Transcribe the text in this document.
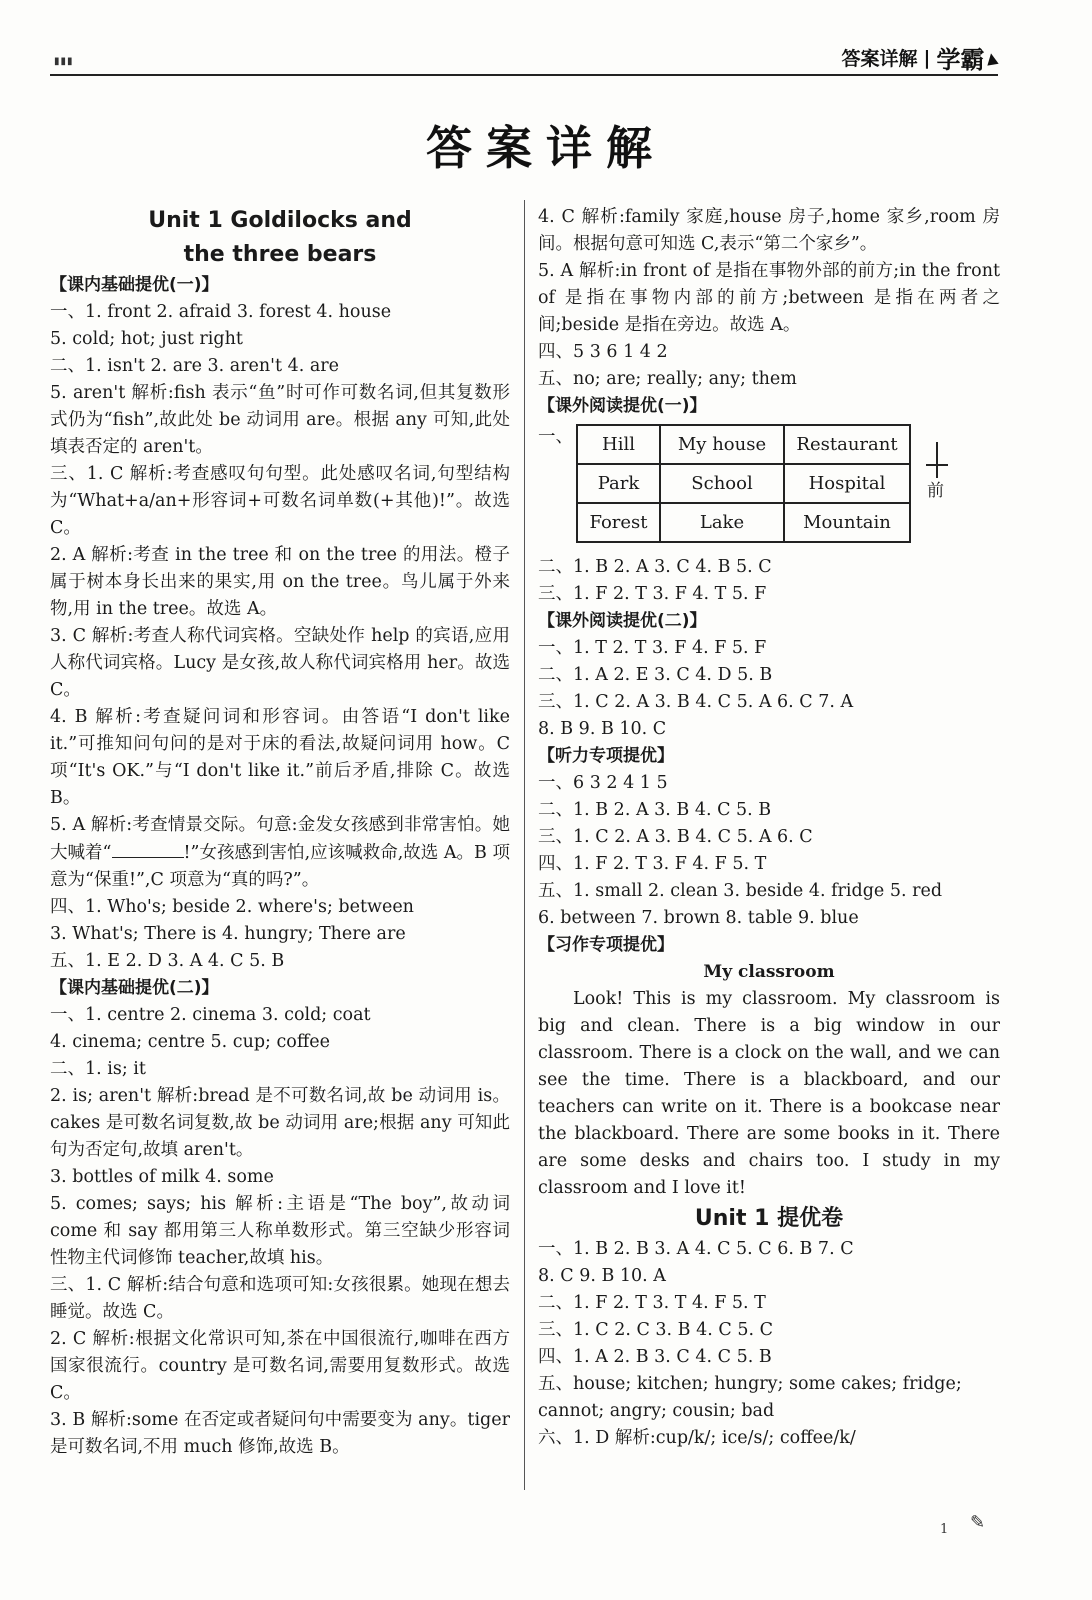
▮▮▮	答案详解 | 学霸 ▲
答案详解
Unit 1 Goldilocks and
the three bears
【课内基础提优(一)】
一、1. front 2. afraid 3. forest 4. house
5. cold; hot; just right
二、1. isn't 2. are 3. aren't 4. are
5. aren't 解析:fish 表示“鱼”时可作可数名词,但其复数形式仍为“fish”,故此处 be 动词用 are。根据 any 可知,此处填表否定的 aren't。
三、1. C 解析:考查感叹句句型。此处感叹名词,句型结构为“What+a/an+形容词+可数名词单数(+其他)!”。故选 C。
2. A 解析:考查 in the tree 和 on the tree 的用法。橙子属于树本身长出来的果实,用 on the tree。鸟儿属于外来物,用 in the tree。故选 A。
3. C 解析:考查人称代词宾格。空缺处作 help 的宾语,应用人称代词宾格。Lucy 是女孩,故人称代词宾格用 her。故选 C。
4. B 解析:考查疑问词和形容词。由答语“I don't like it.”可推知问句问的是对于床的看法,故疑问词用 how。C 项“It's OK.”与“I don't like it.”前后矛盾,排除 C。故选 B。
5. A 解析:考查情景交际。句意:金发女孩感到非常害怕。她大喊着“	!”女孩感到害怕,应该喊救命,故选 A。B 项意为“保重!”,C 项意为“真的吗?”。
四、1. Who's; beside 2. where's; between
3. What's; There is 4. hungry; There are
五、1. E 2. D 3. A 4. C 5. B
【课内基础提优(二)】
一、1. centre 2. cinema 3. cold; coat
4. cinema; centre 5. cup; coffee
二、1. is; it
2. is; aren't 解析:bread 是不可数名词,故 be 动词用 is。cakes 是可数名词复数,故 be 动词用 are;根据 any 可知此句为否定句,故填 aren't。
3. bottles of milk 4. some
5. comes; says; his 解析:主语是“The boy”,故动词 come 和 say 都用第三人称单数形式。第三空缺少形容词性物主代词修饰 teacher,故填 his。
三、1. C 解析:结合句意和选项可知:女孩很累。她现在想去睡觉。故选 C。
2. C 解析:根据文化常识可知,茶在中国很流行,咖啡在西方国家很流行。country 是可数名词,需要用复数形式。故选 C。
3. B 解析:some 在否定或者疑问句中需要变为 any。tiger 是可数名词,不用 much 修饰,故选 B。
4. C 解析:family 家庭,house 房子,home 家乡,room 房间。根据句意可知选 C,表示“第二个家乡”。
5. A 解析:in front of 是指在事物外部的前方;in the front of 是指在事物内部的前方;between 是指在两者之间;beside 是指在旁边。故选 A。
四、5 3 6 1 4 2
五、no; are; really; any; them
【课外阅读提优(一)】
一、 Hill	My house	Restaurant
Park	School	Hospital
Forest	Lake	Mountain
前
二、1. B 2. A 3. C 4. B 5. C
三、1. F 2. T 3. F 4. T 5. F
【课外阅读提优(二)】
一、1. T 2. T 3. F 4. F 5. F
二、1. A 2. E 3. C 4. D 5. B
三、1. C 2. A 3. B 4. C 5. A 6. C 7. A
8. B 9. B 10. C
【听力专项提优】
一、6 3 2 4 1 5
二、1. B 2. A 3. B 4. C 5. B
三、1. C 2. A 3. B 4. C 5. A 6. C
四、1. F 2. T 3. F 4. F 5. T
五、1. small 2. clean 3. beside 4. fridge 5. red
6. between 7. brown 8. table 9. blue
【习作专项提优】
My classroom
Look! This is my classroom. My classroom is big and clean. There is a big window in our classroom. There is a clock on the wall, and we can see the time. There is a blackboard, and our teachers can write on it. There is a bookcase near the blackboard. There are some books in it. There are some desks and chairs too. I study in my classroom and I love it!
Unit 1 提优卷
一、1. B 2. B 3. A 4. C 5. C 6. B 7. C
8. C 9. B 10. A
二、1. F 2. T 3. T 4. F 5. T
三、1. C 2. C 3. B 4. C 5. C
四、1. A 2. B 3. C 4. C 5. B
五、house; kitchen; hungry; some cakes; fridge;
cannot; angry; cousin; bad
六、1. D 解析:cup/k/; ice/s/; coffee/k/
1 ✎
